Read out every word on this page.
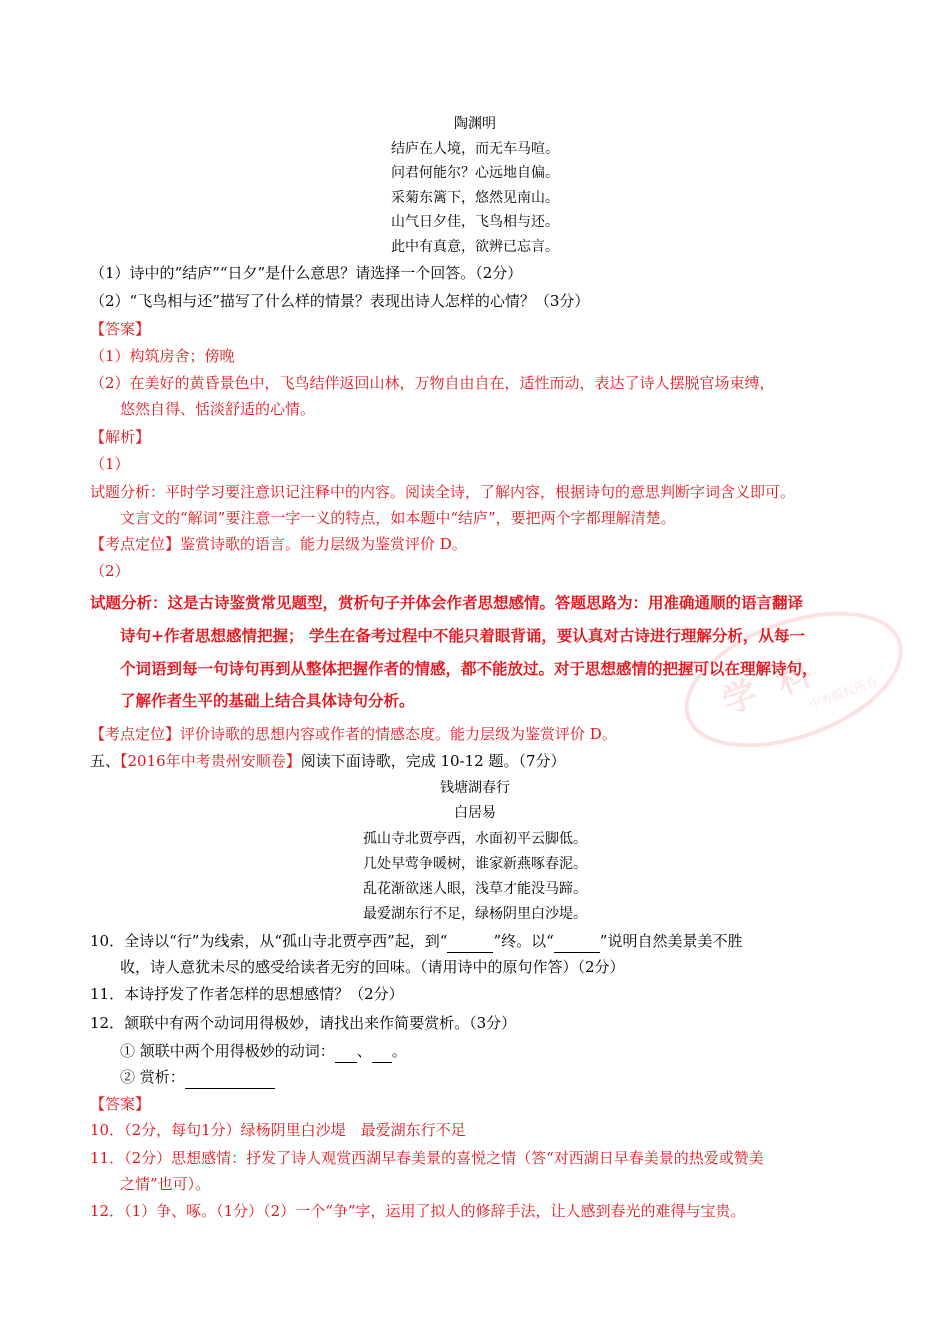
学 科
中考版权所有
陶渊明
结庐在人境，而无车马喧。
问君何能尔？心远地自偏。
采菊东篱下，悠然见南山。
山气日夕佳，飞鸟相与还。
此中有真意，欲辨已忘言。
（1）诗中的“结庐”“日夕”是什么意思？请选择一个回答。（2分）
（2）“飞鸟相与还”描写了什么样的情景？表现出诗人怎样的心情？（3分）
【答案】
（1）构筑房舍；傍晚
（2）在美好的黄昏景色中，飞鸟结伴返回山林，万物自由自在，适性而动，表达了诗人摆脱官场束缚，
悠然自得、恬淡舒适的心情。
【解析】
（1）
试题分析：平时学习要注意识记注释中的内容。阅读全诗，了解内容，根据诗句的意思判断字词含义即可。
文言文的“解词”要注意一字一义的特点，如本题中“结庐”，要把两个字都理解清楚。
【考点定位】鉴赏诗歌的语言。能力层级为鉴赏评价 D。
（2）
试题分析：这是古诗鉴赏常见题型，赏析句子并体会作者思想感情。答题思路为：用准确通顺的语言翻译
诗句+作者思想感情把握； 学生在备考过程中不能只着眼背诵，要认真对古诗进行理解分析，从每一
个词语到每一句诗句再到从整体把握作者的情感，都不能放过。对于思想感情的把握可以在理解诗句，
了解作者生平的基础上结合具体诗句分析。
【考点定位】评价诗歌的思想内容或作者的情感态度。能力层级为鉴赏评价 D。
五、【2016年中考贵州安顺卷】阅读下面诗歌，完成 10-12 题。（7分）
钱塘湖春行
白居易
孤山寺北贾亭西，水面初平云脚低。
几处早莺争暖树，谁家新燕啄春泥。
乱花渐欲迷人眼，浅草才能没马蹄。
最爱湖东行不足，绿杨阴里白沙堤。
10．全诗以“行”为线索，从“孤山寺北贾亭西”起，到“	”终。以“	”说明自然美景美不胜
收，诗人意犹未尽的感受给读者无穷的回味。（请用诗中的原句作答）（2分）
11．本诗抒发了作者怎样的思想感情？（2分）
12．颔联中有两个动词用得极妙，请找出来作简要赏析。（3分）
① 颔联中两个用得极妙的动词： 、 。
② 赏析：
【答案】
10．（2分，每句1分）绿杨阴里白沙堤　最爱湖东行不足
11．（2分）思想感情：抒发了诗人观赏西湖早春美景的喜悦之情（答“对西湖日早春美景的热爱或赞美
之情”也可）。
12．（1）争、啄。（1分）（2）一个“争”字，运用了拟人的修辞手法，让人感到春光的难得与宝贵。
